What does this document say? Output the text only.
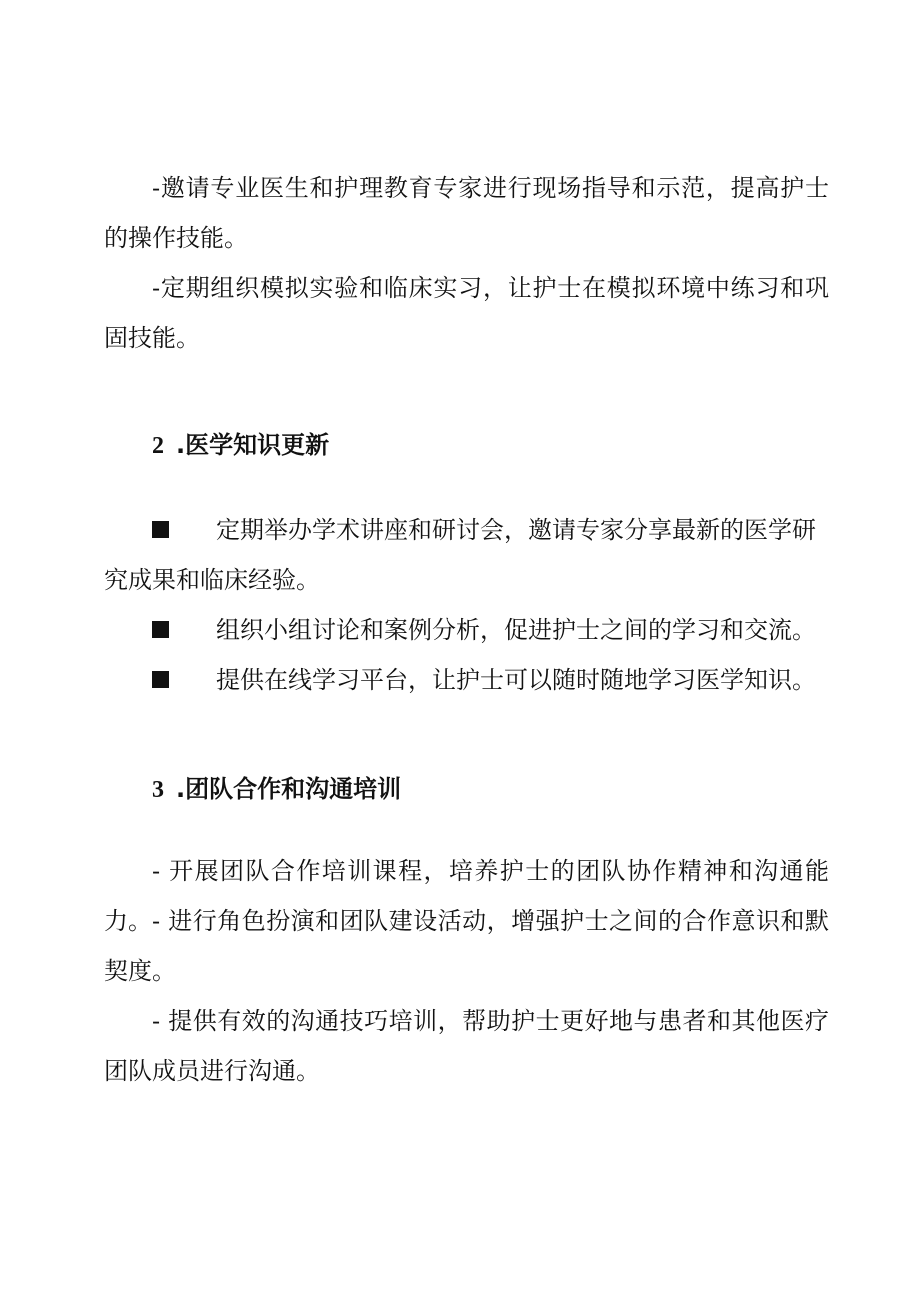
-邀请专业医生和护理教育专家进行现场指导和示范，提高护士的操作技能。

-定期组织模拟实验和临床实习，让护士在模拟环境中练习和巩固技能。

2 .医学知识更新
定期举办学术讲座和研讨会，邀请专家分享最新的医学研究成果和临床经验。
组织小组讨论和案例分析，促进护士之间的学习和交流。
提供在线学习平台，让护士可以随时随地学习医学知识。
3 .团队合作和沟通培训

- 开展团队合作培训课程，培养护士的团队协作精神和沟通能力。 - 进行角色扮演和团队建设活动，增强护士之间的合作意识和默契度。

- 提供有效的沟通技巧培训，帮助护士更好地与患者和其他医疗团队成员进行沟通。
